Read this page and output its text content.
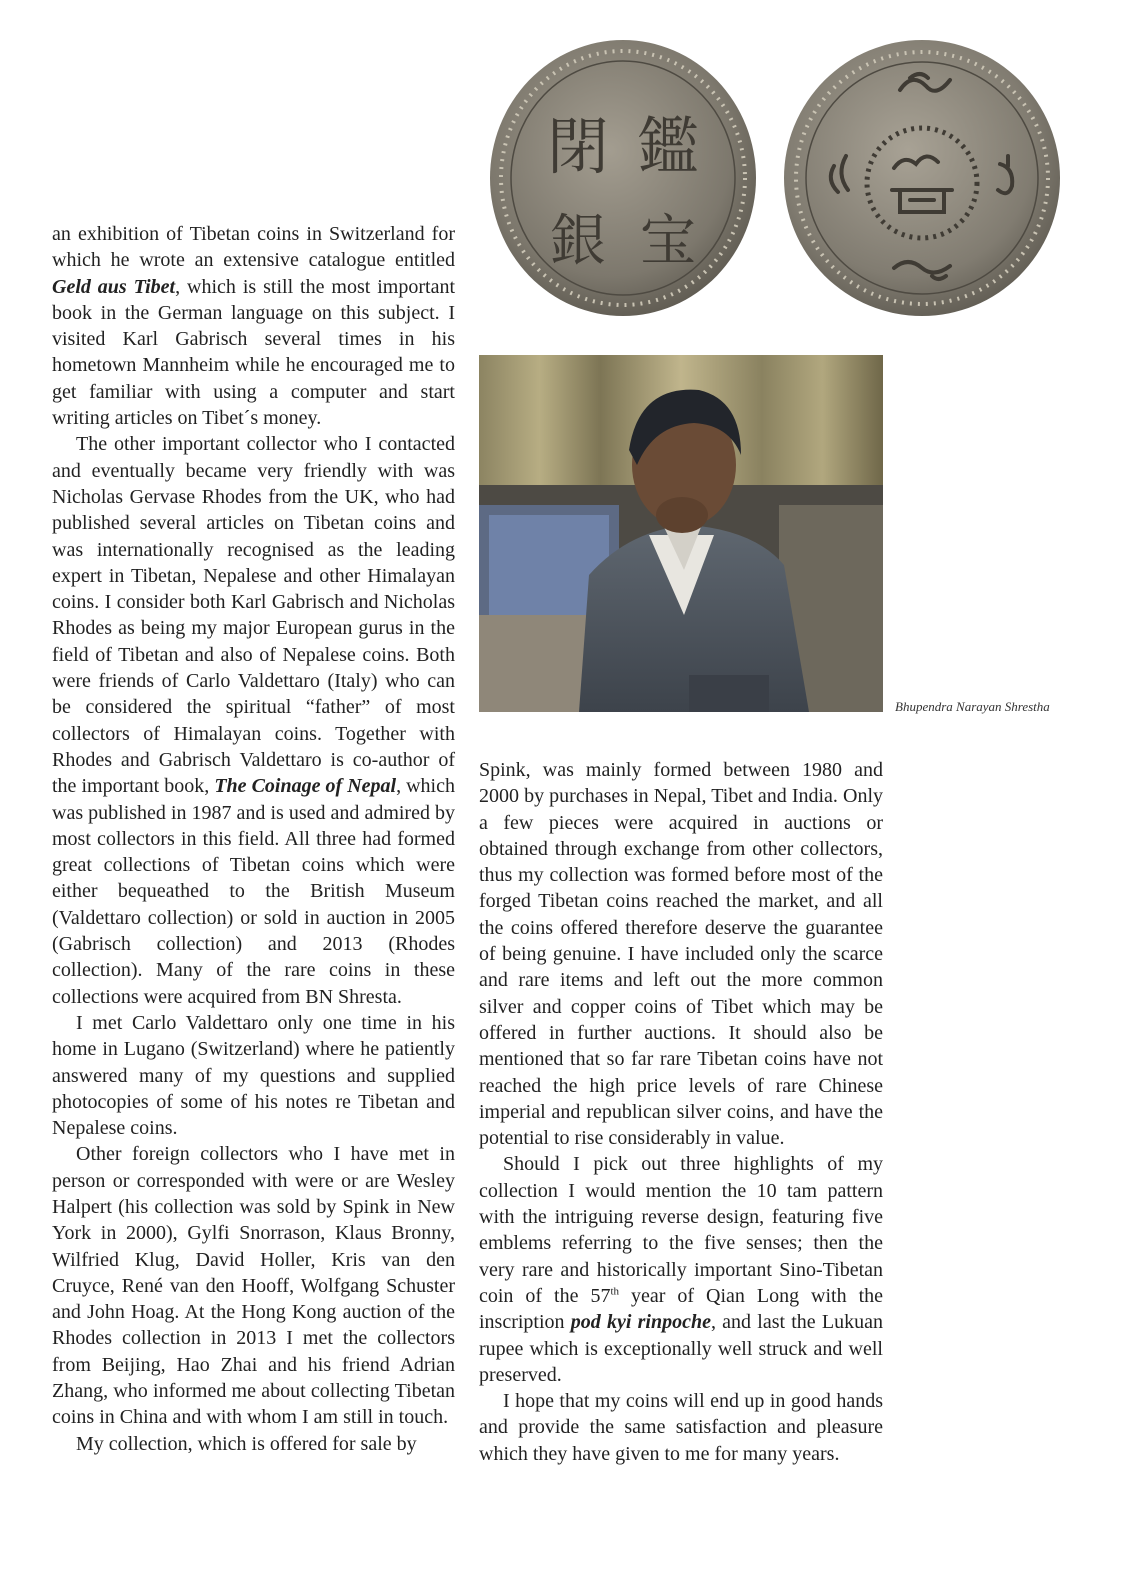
an exhibition of Tibetan coins in Switzerland for which he wrote an extensive catalogue entitled Geld aus Tibet, which is still the most important book in the German language on this subject. I visited Karl Gabrisch several times in his hometown Mannheim while he encouraged me to get familiar with using a computer and start writing articles on Tibet´s money.

The other important collector who I contacted and eventually became very friendly with was Nicholas Gervase Rhodes from the UK, who had published several articles on Tibetan coins and was internationally recognised as the leading expert in Tibetan, Nepalese and other Himalayan coins. I consider both Karl Gabrisch and Nicholas Rhodes as being my major European gurus in the field of Tibetan and also of Nepalese coins. Both were friends of Carlo Valdettaro (Italy) who can be considered the spiritual “father” of most collectors of Himalayan coins. Together with Rhodes and Gabrisch Valdettaro is co-author of the important book, The Coinage of Nepal, which was published in 1987 and is used and admired by most collectors in this field. All three had formed great collections of Tibetan coins which were either bequeathed to the British Museum (Valdettaro collection) or sold in auction in 2005 (Gabrisch collection) and 2013 (Rhodes collection). Many of the rare coins in these collections were acquired from BN Shresta.

I met Carlo Valdettaro only one time in his home in Lugano (Switzerland) where he patiently answered many of my questions and supplied photocopies of some of his notes re Tibetan and Nepalese coins.

Other foreign collectors who I have met in person or corresponded with were or are Wesley Halpert (his collection was sold by Spink in New York in 2000), Gylfi Snorrason, Klaus Bronny, Wilfried Klug, David Holler, Kris van den Cruyce, René van den Hooff, Wolfgang Schuster and John Hoag. At the Hong Kong auction of the Rhodes collection in 2013 I met the collectors from Beijing, Hao Zhai and his friend Adrian Zhang, who informed me about collecting Tibetan coins in China and with whom I am still in touch.

My collection, which is offered for sale by

鑑
閉
宝
銀
Bhupendra Narayan Shrestha

Spink, was mainly formed between 1980 and 2000 by purchases in Nepal, Tibet and India. Only a few pieces were acquired in auctions or obtained through exchange from other collectors, thus my collection was formed before most of the forged Tibetan coins reached the market, and all the coins offered therefore deserve the guarantee of being genuine. I have included only the scarce and rare items and left out the more common silver and copper coins of Tibet which may be offered in further auctions. It should also be mentioned that so far rare Tibetan coins have not reached the high price levels of rare Chinese imperial and republican silver coins, and have the potential to rise considerably in value.

Should I pick out three highlights of my collection I would mention the 10 tam pattern with the intriguing reverse design, featuring five emblems referring to the five senses; then the very rare and historically important Sino-Tibetan coin of the 57th year of Qian Long with the inscription pod kyi rinpoche, and last the Lukuan rupee which is exceptionally well struck and well preserved.

I hope that my coins will end up in good hands and provide the same satisfaction and pleasure which they have given to me for many years.
